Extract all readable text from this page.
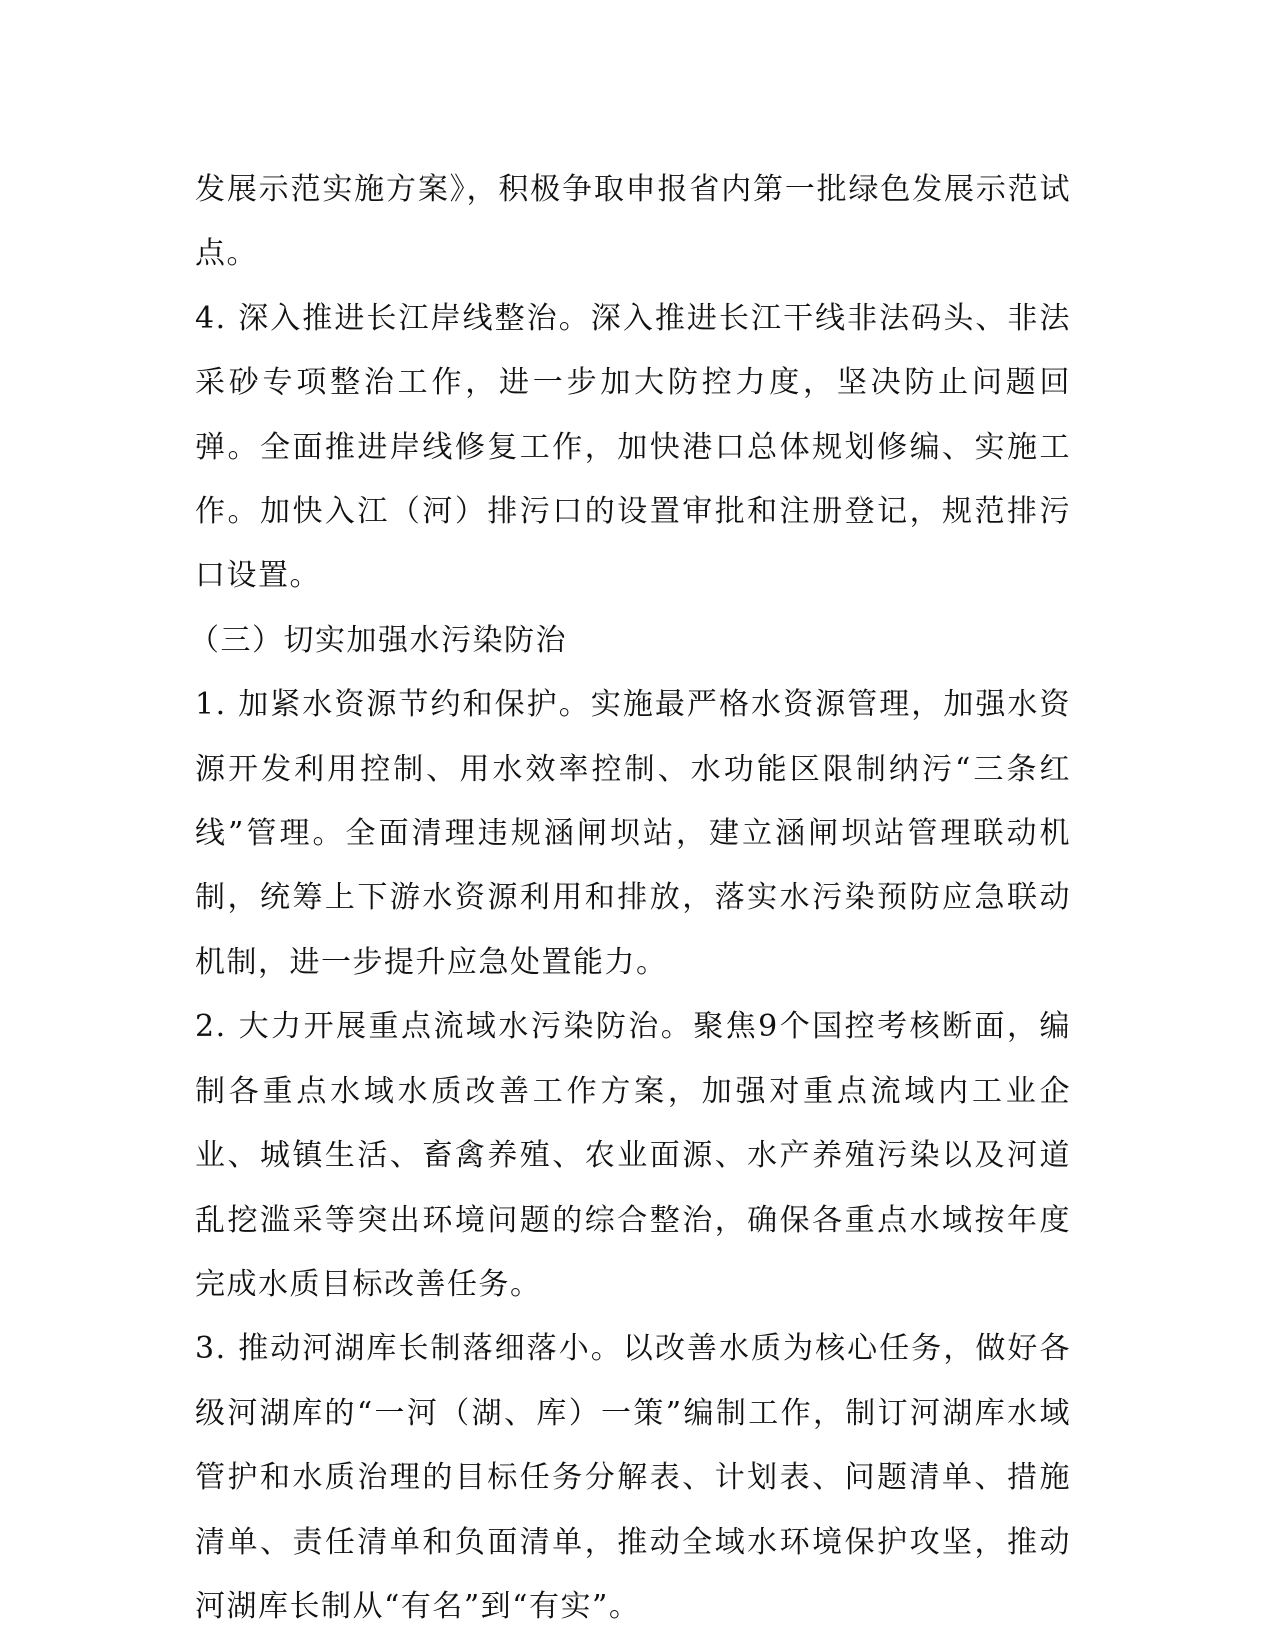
发展示范实施方案》，积极争取申报省内第一批绿色发展示范试点。

4. 深入推进长江岸线整治。深入推进长江干线非法码头、非法采砂专项整治工作，进一步加大防控力度，坚决防止问题回弹。全面推进岸线修复工作，加快港口总体规划修编、实施工作。加快入江（河）排污口的设置审批和注册登记，规范排污口设置。

（三）切实加强水污染防治

1. 加紧水资源节约和保护。实施最严格水资源管理，加强水资源开发利用控制、用水效率控制、水功能区限制纳污“三条红线”管理。全面清理违规涵闸坝站，建立涵闸坝站管理联动机制，统筹上下游水资源利用和排放，落实水污染预防应急联动机制，进一步提升应急处置能力。

2. 大力开展重点流域水污染防治。聚焦9个国控考核断面，编制各重点水域水质改善工作方案，加强对重点流域内工业企业、城镇生活、畜禽养殖、农业面源、水产养殖污染以及河道乱挖滥采等突出环境问题的综合整治，确保各重点水域按年度完成水质目标改善任务。

3. 推动河湖库长制落细落小。以改善水质为核心任务，做好各级河湖库的“一河（湖、库）一策”编制工作，制订河湖库水域管护和水质治理的目标任务分解表、计划表、问题清单、措施清单、责任清单和负面清单，推动全域水环境保护攻坚，推动河湖库长制从“有名”到“有实”。
